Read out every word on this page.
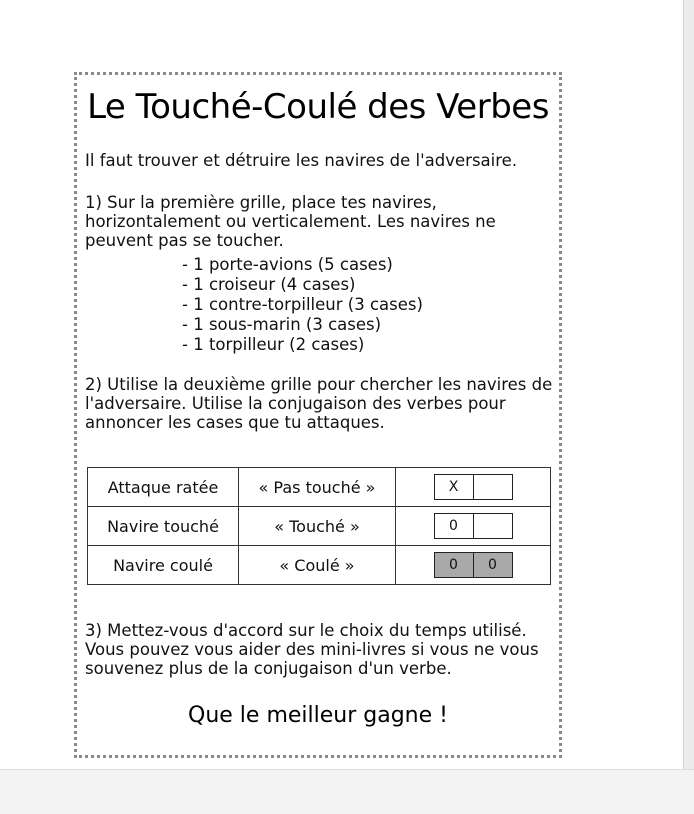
Le Touché-Coulé des Verbes
Il faut trouver et détruire les navires de l'adversaire.
1) Sur la première grille, place tes navires, horizontalement ou verticalement. Les navires ne peuvent pas se toucher.
- 1 porte-avions (5 cases)
- 1 croiseur (4 cases)
- 1 contre-torpilleur (3 cases)
- 1 sous-marin (3 cases)
- 1 torpilleur (2 cases)
2) Utilise la deuxième grille pour chercher les navires de l'adversaire. Utilise la conjugaison des verbes pour annoncer les cases que tu attaques.
Attaque ratée	« Pas touché »	X

Navire touché	« Touché »	0

Navire coulé	« Coulé »	0 0
3) Mettez-vous d'accord sur le choix du temps utilisé. Vous pouvez vous aider des mini-livres si vous ne vous souvenez plus de la conjugaison d'un verbe.
Que le meilleur gagne !
